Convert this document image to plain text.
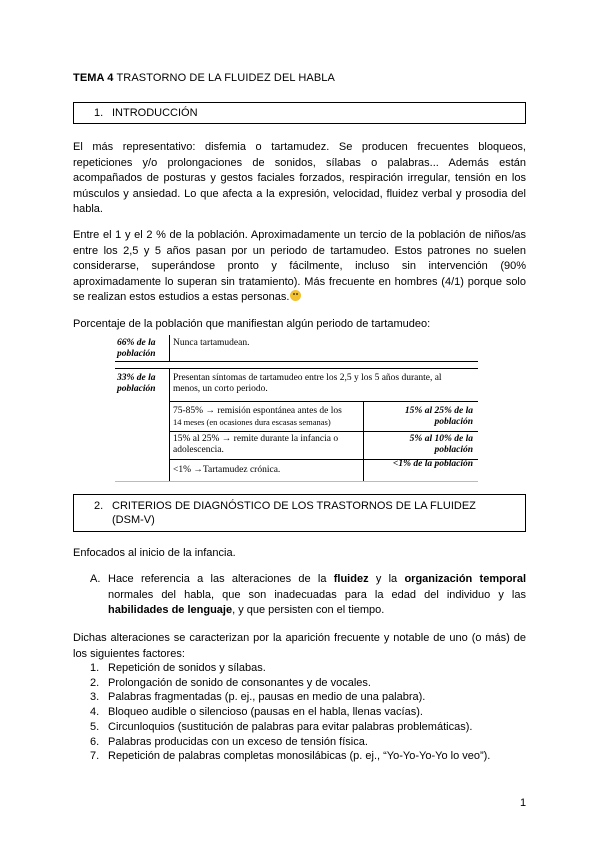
TEMA 4 TRASTORNO DE LA FLUIDEZ DEL HABLA
1. INTRODUCCIÓN
El más representativo: disfemia o tartamudez. Se producen frecuentes bloqueos, repeticiones y/o prolongaciones de sonidos, sílabas o palabras... Además están acompañados de posturas y gestos faciales forzados, respiración irregular, tensión en los músculos y ansiedad. Lo que afecta a la expresión, velocidad, fluidez verbal y prosodia del habla.
Entre el 1 y el 2 % de la población. Aproximadamente un tercio de la población de niños/as entre los 2,5 y 5 años pasan por un periodo de tartamudeo. Estos patrones no suelen considerarse, superándose pronto y fácilmente, incluso sin intervención (90% aproximadamente lo superan sin tratamiento). Más frecuente en hombres (4/1) porque solo se realizan estos estudios a estas personas.
Porcentaje de la población que manifiestan algún periodo de tartamudeo:
66% de la
población
Nunca tartamudean.
33% de la
población
Presentan síntomas de tartamudeo entre los 2,5 y los 5 años durante, al
menos, un corto periodo.
75-85% → remisión espontánea antes de los
14 meses (en ocasiones dura escasas semanas)
15% al 25% de la
población
15% al 25% → remite durante la infancia o
adolescencia.
5% al 10% de la
población
<1% →Tartamudez crónica.
<1% de la población
2. CRITERIOS DE DIAGNÓSTICO DE LOS TRASTORNOS DE LA FLUIDEZ
(DSM-V)
Enfocados al inicio de la infancia.
A. Hace referencia a las alteraciones de la fluidez y la organización temporal normales del habla, que son inadecuadas para la edad del individuo y las habilidades de lenguaje, y que persisten con el tiempo.
Dichas alteraciones se caracterizan por la aparición frecuente y notable de uno (o más) de los siguientes factores:
1. Repetición de sonidos y sílabas.
2. Prolongación de sonido de consonantes y de vocales.
3. Palabras fragmentadas (p. ej., pausas en medio de una palabra).
4. Bloqueo audible o silencioso (pausas en el habla, llenas vacías).
5. Circunloquios (sustitución de palabras para evitar palabras problemáticas).
6. Palabras producidas con un exceso de tensión física.
7. Repetición de palabras completas monosilábicas (p. ej., “Yo-Yo-Yo-Yo lo veo”).
1
